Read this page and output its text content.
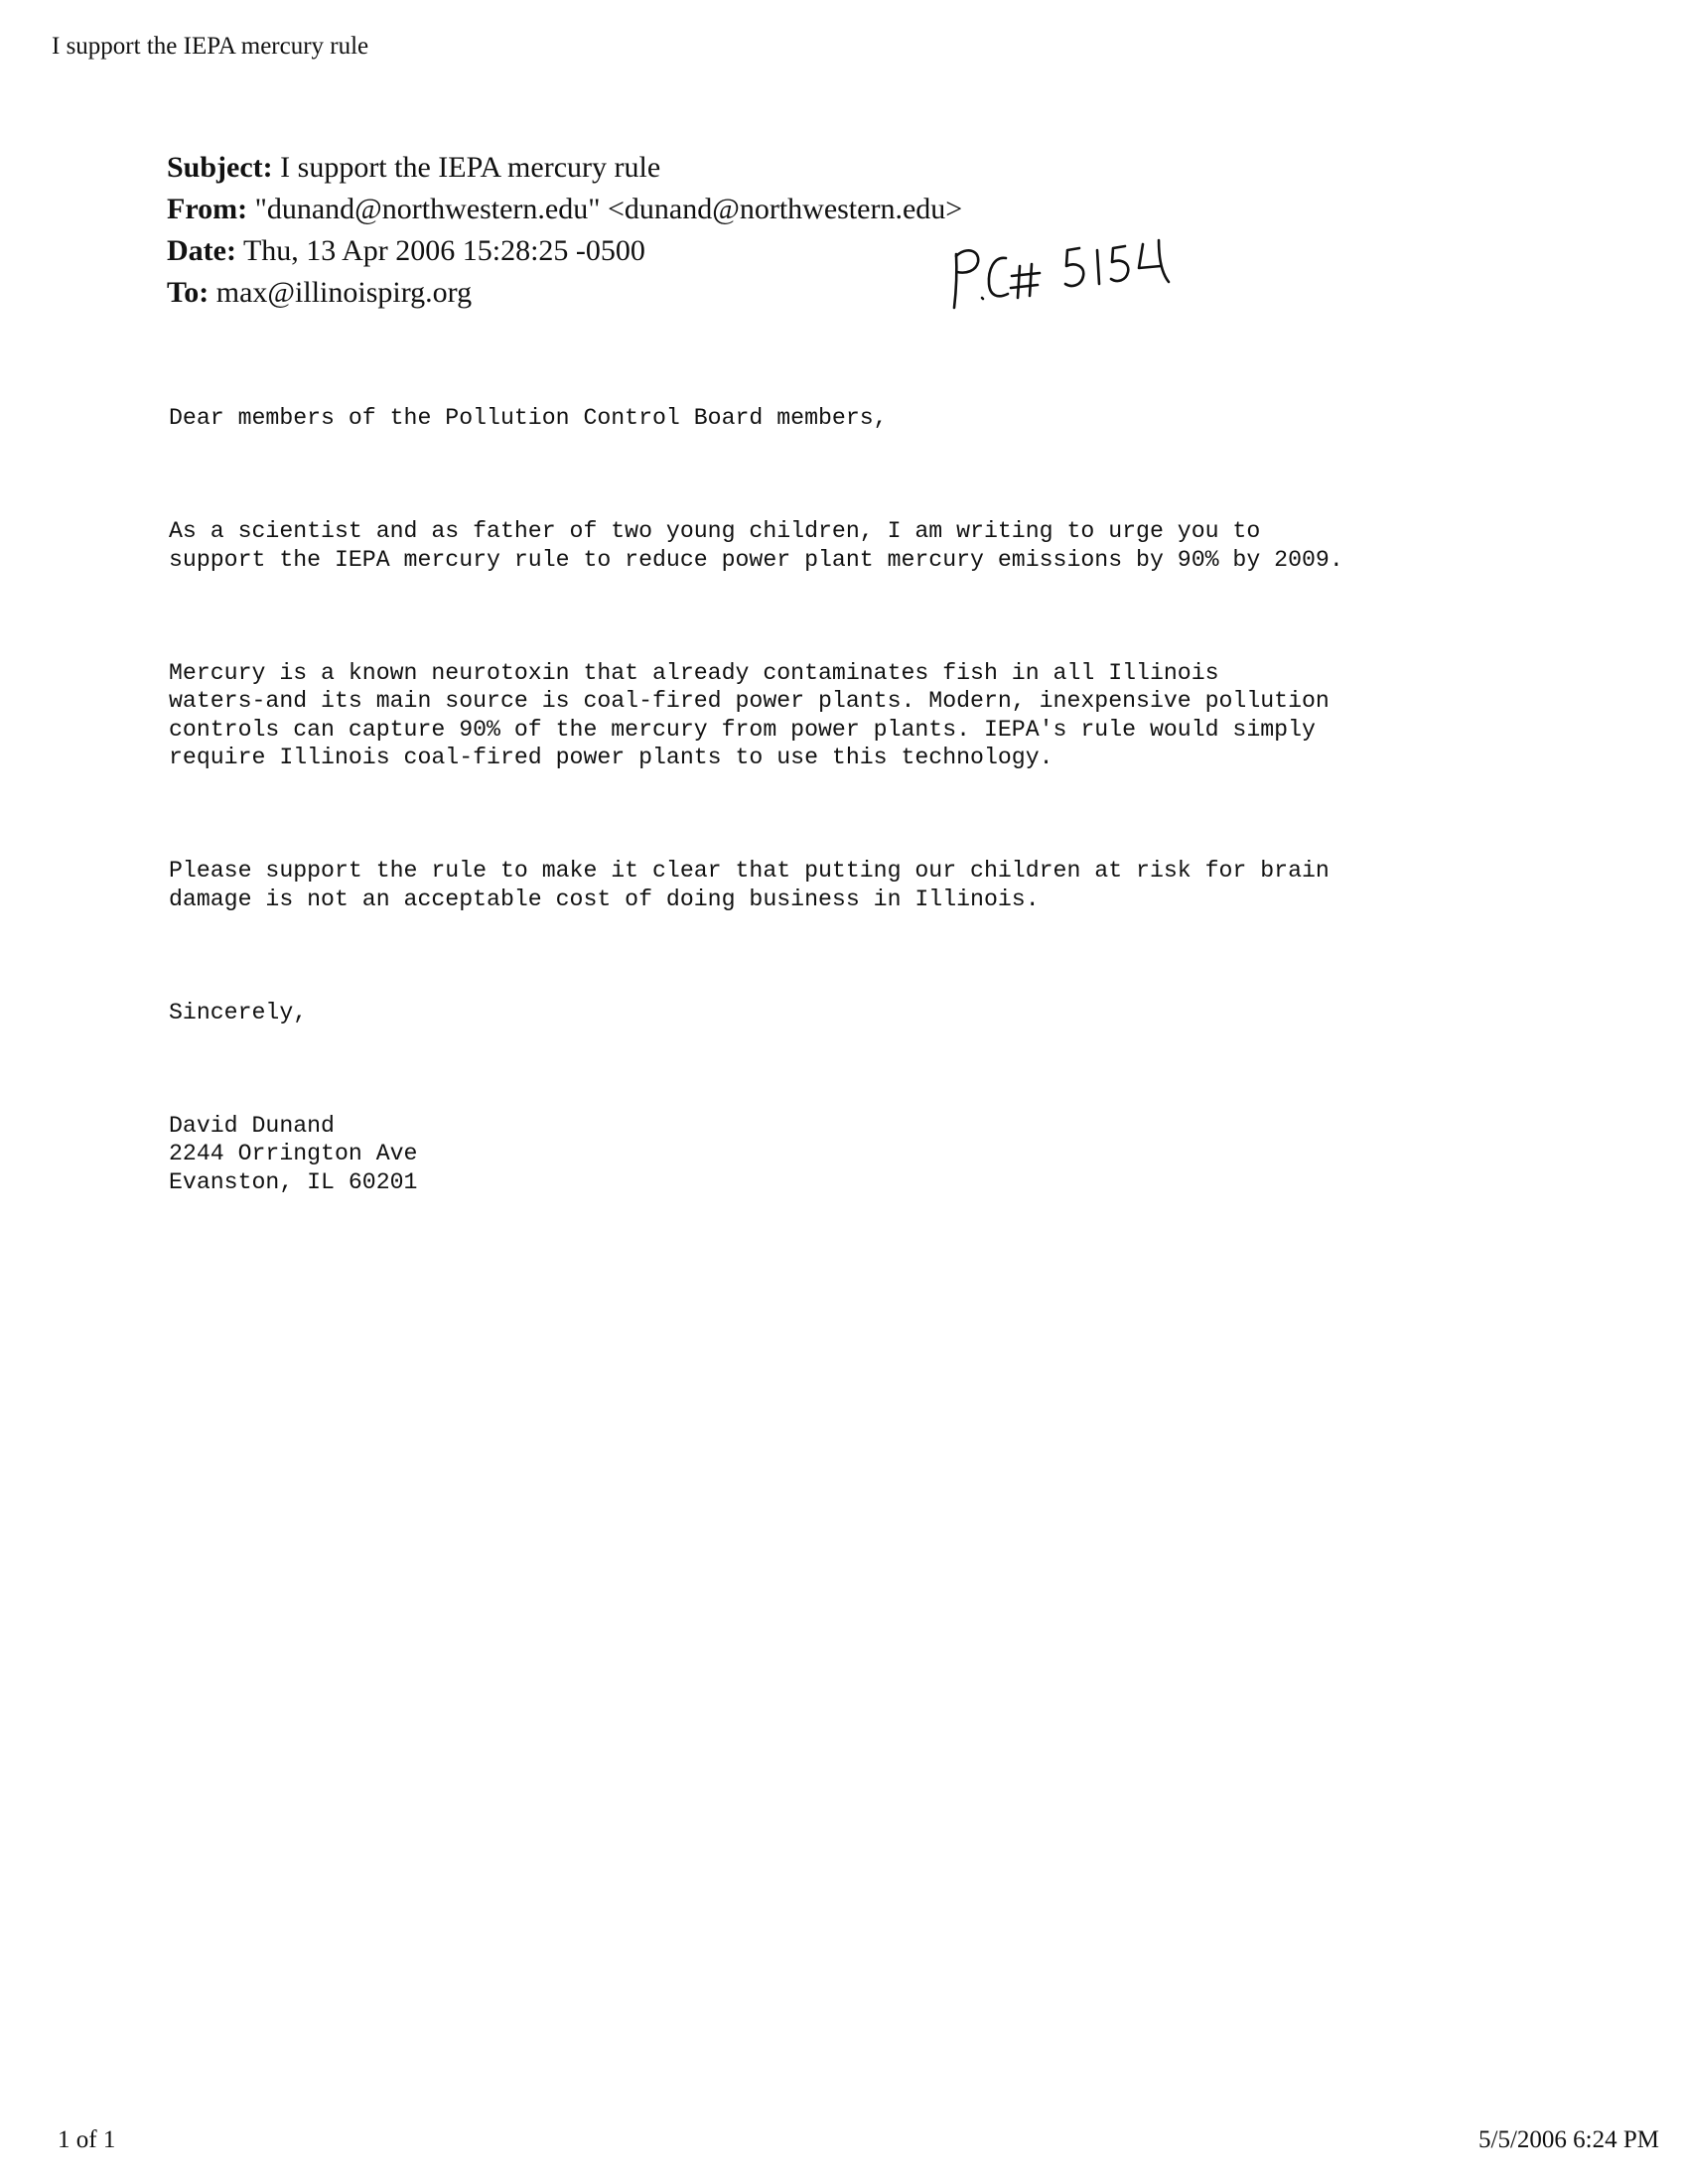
I support the IEPA mercury rule
Subject: I support the IEPA mercury rule
From: "dunand@northwestern.edu" <dunand@northwestern.edu>
Date: Thu, 13 Apr 2006 15:28:25 -0500
To: max@illinoispirg.org

Dear members of the Pollution Control Board members,

As a scientist and as father of two young children, I am writing to urge you to
support the IEPA mercury rule to reduce power plant mercury emissions by 90% by 2009.

Mercury is a known neurotoxin that already contaminates fish in all Illinois
waters-and its main source is coal-fired power plants. Modern, inexpensive pollution
controls can capture 90% of the mercury from power plants. IEPA's rule would simply
require Illinois coal-fired power plants to use this technology.

Please support the rule to make it clear that putting our children at risk for brain
damage is not an acceptable cost of doing business in Illinois.

Sincerely,

David Dunand
2244 Orrington Ave
Evanston, IL 60201

1 of 1	5/5/2006 6:24 PM
